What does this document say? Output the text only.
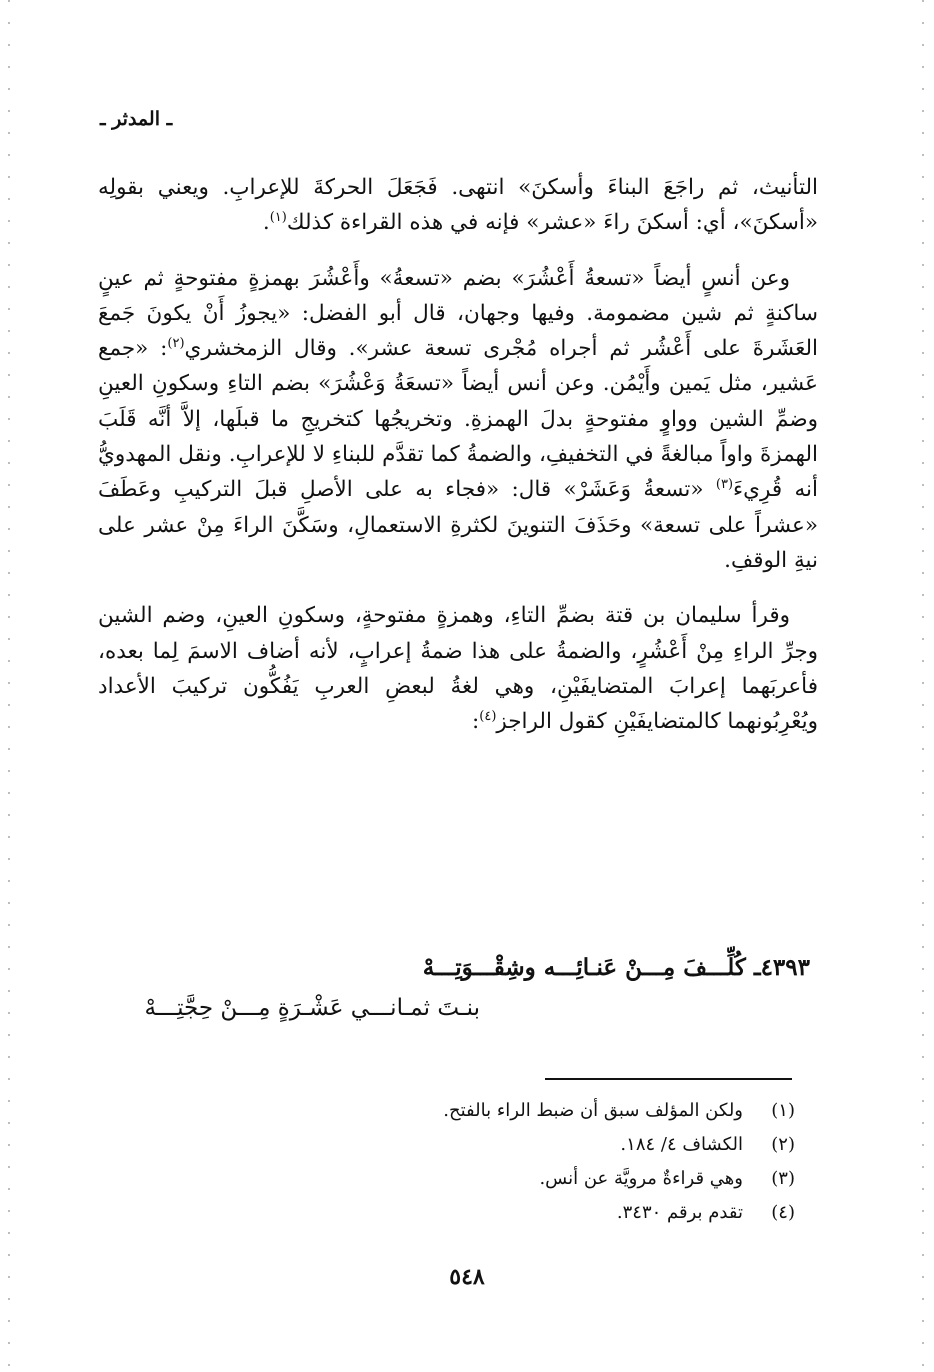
ـ المدثر ـ

التأنيث، ثم راجَعَ البناءَ وأسكنَ» انتهى. فَجَعَلَ الحركةَ للإعرابِ. ويعني بقولِه «أسكنَ»، أي: أسكنَ راءَ «عشر» فإنه في هذه القراءة كذلك$^{(١)}$.

وعن أنسٍ أيضاً «تسعةُ أَعْشُرَ» بضم «تسعةُ» وأَعْشُرَ بهمزةٍ مفتوحةٍ ثم عينٍ ساكنةٍ ثم شين مضمومة. وفيها وجهان، قال أبو الفضل: «يجوزُ أَنْ يكونَ جَمعَ العَشَرةَ على أَعْشُر ثم أجراه مُجْرى تسعة عشر». وقال الزمخشري$^{(٢)}$: «جمع عَشير، مثل يَمين وأَيْمُن. وعن أنس أيضاً «تسعَةُ وَعْشُرَ» بضم التاءِ وسكونِ العينِ وضمِّ الشين وواوٍ مفتوحةٍ بدلَ الهمزةِ. وتخريجُها كتخريجِ ما قبلَها، إلاَّ أنَّه قَلَبَ الهمزةَ واواً مبالغةً في التخفيفِ، والضمةُ كما تقدَّم للبناءِ لا للإعرابِ. ونقل المهدويُّ أنه قُرِيءَ$^{(٣)}$ «تسعةُ وَعَشَرْ» قال: «فجاء به على الأصلِ قبلَ التركيبِ وعَطَفَ «عشراً على تسعة» وحَذَفَ التنوينَ لكثرةِ الاستعمالِ، وسَكَّنَ الراءَ مِنْ عشر على نيةِ الوقفِ.

وقرأ سليمان بن قتة بضمِّ التاءِ، وهمزةٍ مفتوحةٍ، وسكونِ العينِ، وضم الشين وجرِّ الراءِ مِنْ أَعْشُرٍ، والضمةُ على هذا ضمةُ إعرابٍ، لأنه أضاف الاسمَ لِما بعده، فأعربَهما إعرابَ المتضايفَيْنِ، وهي لغةُ لبعضِ العربِ يَفُكُّون تركيبَ الأعداد ويُعْرِبُونهما كالمتضايفَيْنِ كقول الراجز$^{(٤)}$:

٤٣٩٣ـ كُلِّـــفَ مِـــنْ عَنـائِـــه وشِقْـــوَتِـــهْ
بنـتَ ثمـانـــي عَشْـرَةٍ مِـــنْ حِجَّتِـــهْ
(١)
ولكن المؤلف سبق أن ضبط الراء بالفتح.
(٢)
الكشاف ٤/ ١٨٤.
(٣)
وهي قراءةٌ مرويَّة عن أنس.
(٤)
تقدم برقم ٣٤٣٠.
٥٤٨
